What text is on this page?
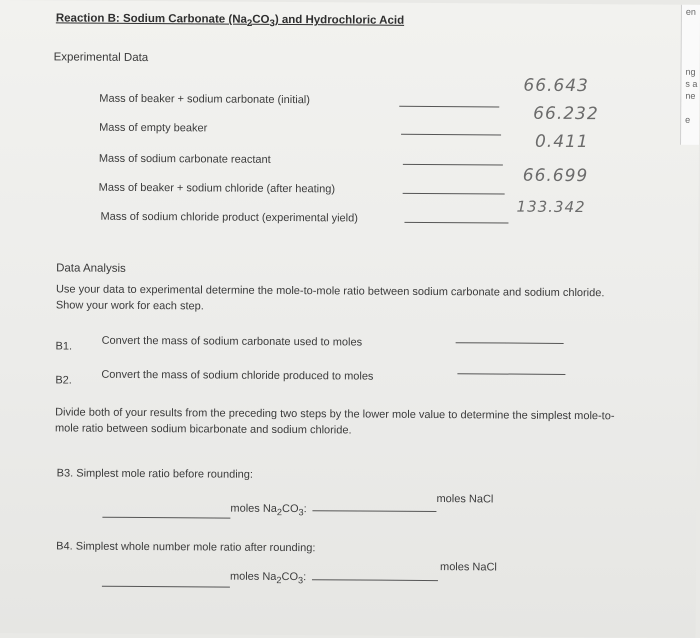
en
ng
s a
ne
e
Reaction B: Sodium Carbonate $(Na_2CO_3)$ and Hydrochloric Acid
Experimental Data
Mass of beaker + sodium carbonate (initial)
66.643
Mass of empty beaker
66.232
Mass of sodium carbonate reactant
0.411
Mass of beaker + sodium chloride (after heating)
66.699
Mass of sodium chloride product (experimental yield)
133.342
Data Analysis
Use your data to experimental determine the mole-to-mole ratio between sodium carbonate and sodium chloride. Show your work for each step.
B1.	Convert the mass of sodium carbonate used to moles
B2.	Convert the mass of sodium chloride produced to moles
Divide both of your results from the preceding two steps by the lower mole value to determine the simplest mole-to-mole ratio between sodium bicarbonate and sodium chloride.
B3. Simplest mole ratio before rounding:
moles $Na_2CO_3$:
moles NaCl
B4. Simplest whole number mole ratio after rounding:
moles $Na_2CO_3$:
moles NaCl
